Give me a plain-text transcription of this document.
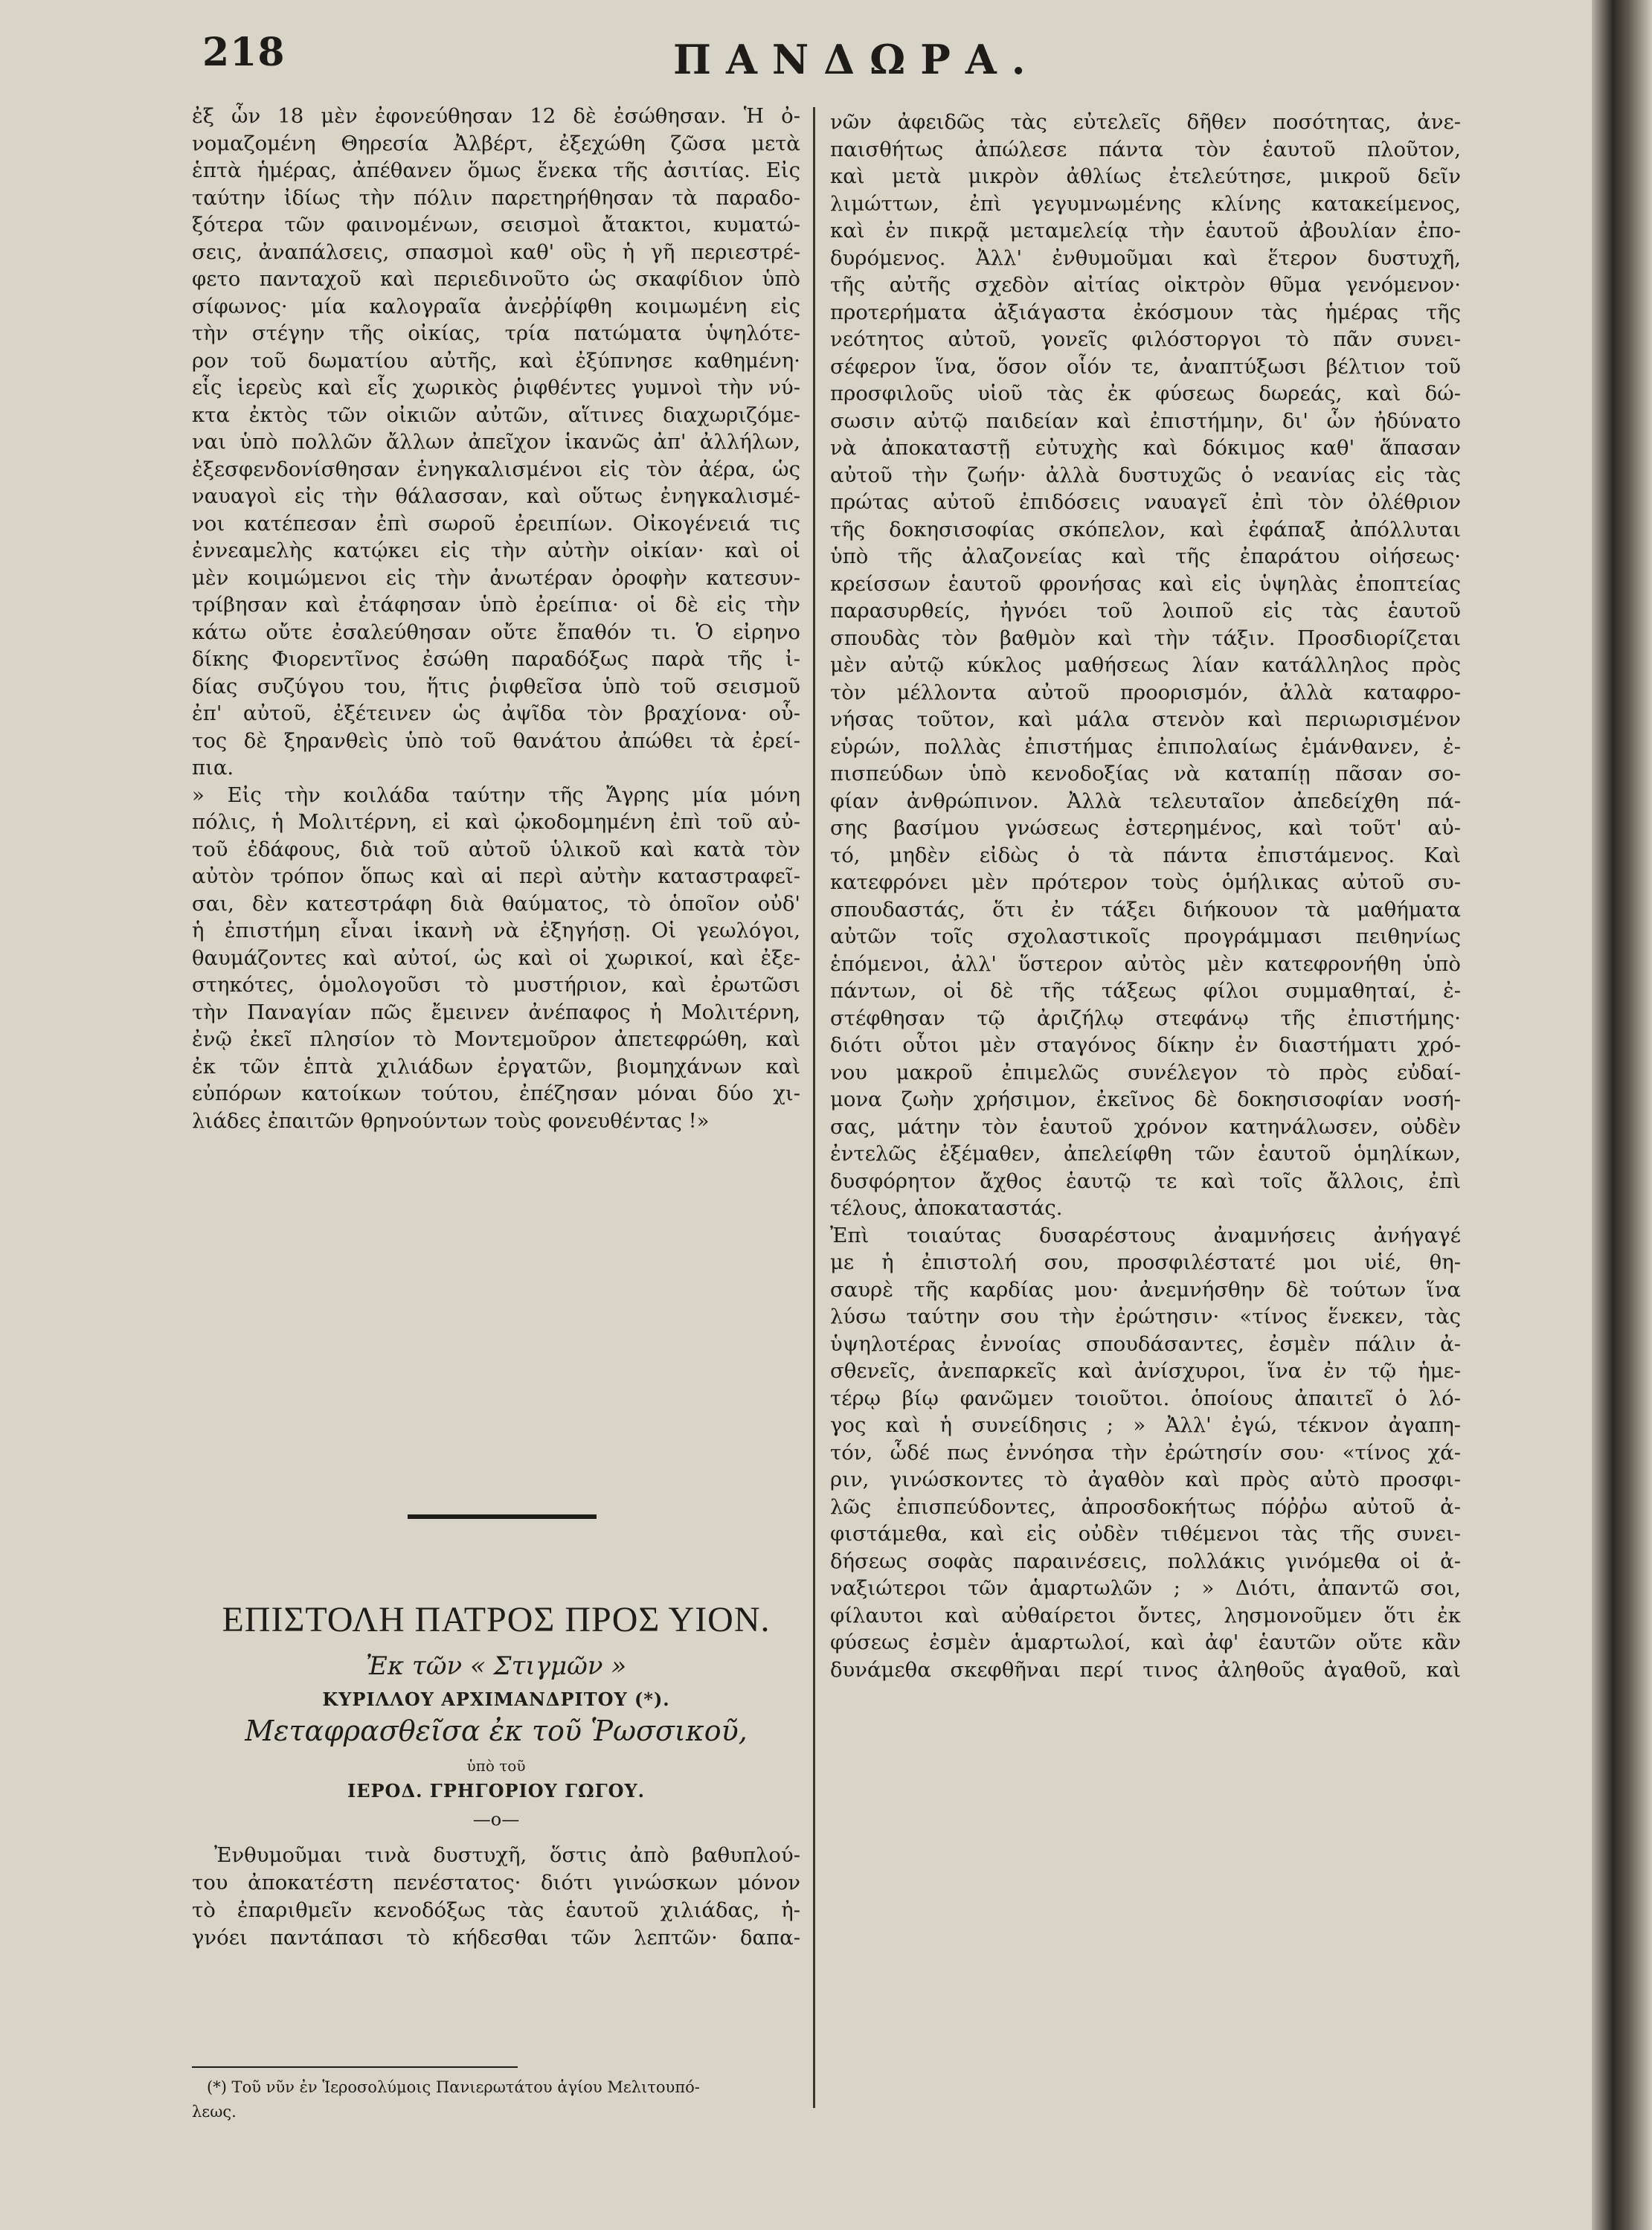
218	ΠΑΝΔΩΡΑ.
ἐξ ὧν 18 μὲν ἐφονεύθησαν 12 δὲ ἐσώθησαν. Ἡ ὀ-
νομαζομένη Θηρεσία Ἀλβέρτ, ἐξεχώθη ζῶσα μετὰ
ἑπτὰ ἡμέρας, ἀπέθανεν ὅμως ἕνεκα τῆς ἀσιτίας. Εἰς
ταύτην ἰδίως τὴν πόλιν παρετηρήθησαν τὰ παραδο-
ξότερα τῶν φαινομένων, σεισμοὶ ἄτακτοι, κυματώ-
σεις, ἀναπάλσεις, σπασμοὶ καθ' οὓς ἡ γῆ περιεστρέ-
φετο πανταχοῦ καὶ περιεδινοῦτο ὡς σκαφίδιον ὑπὸ
σίφωνος· μία καλογραῖα ἀνεῤῥίφθη κοιμωμένη εἰς
τὴν στέγην τῆς οἰκίας, τρία πατώματα ὑψηλότε-
ρον τοῦ δωματίου αὐτῆς, καὶ ἐξύπνησε καθημένη·
εἷς ἱερεὺς καὶ εἷς χωρικὸς ῥιφθέντες γυμνοὶ τὴν νύ-
κτα ἐκτὸς τῶν οἰκιῶν αὐτῶν, αἵτινες διαχωριζόμε-
ναι ὑπὸ πολλῶν ἄλλων ἀπεῖχον ἱκανῶς ἀπ' ἀλλήλων,
ἐξεσφενδονίσθησαν ἐνηγκαλισμένοι εἰς τὸν ἀέρα, ὡς
ναυαγοὶ εἰς τὴν θάλασσαν, καὶ οὕτως ἐνηγκαλισμέ-
νοι κατέπεσαν ἐπὶ σωροῦ ἐρειπίων. Οἰκογένειά τις
ἐννεαμελὴς κατῴκει εἰς τὴν αὐτὴν οἰκίαν· καὶ οἱ
μὲν κοιμώμενοι εἰς τὴν ἀνωτέραν ὀροφὴν κατεσυν-
τρίβησαν καὶ ἐτάφησαν ὑπὸ ἐρείπια· οἱ δὲ εἰς τὴν
κάτω οὔτε ἐσαλεύθησαν οὔτε ἔπαθόν τι. Ὁ εἰρηνο
δίκης Φιορεντῖνος ἐσώθη παραδόξως παρὰ τῆς ἰ-
δίας συζύγου του, ἥτις ῥιφθεῖσα ὑπὸ τοῦ σεισμοῦ
ἐπ' αὐτοῦ, ἐξέτεινεν ὡς ἀψῖδα τὸν βραχίονα· οὗ-
τος δὲ ξηρανθεὶς ὑπὸ τοῦ θανάτου ἀπώθει τὰ ἐρεί-
πια.
» Εἰς τὴν κοιλάδα ταύτην τῆς Ἄγρης μία μόνη
πόλις, ἡ Μολιτέρνη, εἰ καὶ ᾠκοδομημένη ἐπὶ τοῦ αὐ-
τοῦ ἐδάφους, διὰ τοῦ αὐτοῦ ὑλικοῦ καὶ κατὰ τὸν
αὐτὸν τρόπον ὅπως καὶ αἱ περὶ αὐτὴν καταστραφεῖ-
σαι, δὲν κατεστράφη διὰ θαύματος, τὸ ὁποῖον οὐδ'
ἡ ἐπιστήμη εἶναι ἱκανὴ νὰ ἐξηγήσῃ. Οἱ γεωλόγοι,
θαυμάζοντες καὶ αὐτοί, ὡς καὶ οἱ χωρικοί, καὶ ἐξε-
στηκότες, ὁμολογοῦσι τὸ μυστήριον, καὶ ἐρωτῶσι
τὴν Παναγίαν πῶς ἔμεινεν ἀνέπαφος ἡ Μολιτέρνη,
ἐνῷ ἐκεῖ πλησίον τὸ Μοντεμοῦρον ἀπετεφρώθη, καὶ
ἐκ τῶν ἑπτὰ χιλιάδων ἐργατῶν, βιομηχάνων καὶ
εὐπόρων κατοίκων τούτου, ἐπέζησαν μόναι δύο χι-
λιάδες ἐπαιτῶν θρηνούντων τοὺς φονευθέντας !»
νῶν ἀφειδῶς τὰς εὐτελεῖς δῆθεν ποσότητας, ἀνε-
παισθήτως ἀπώλεσε πάντα τὸν ἑαυτοῦ πλοῦτον,
καὶ μετὰ μικρὸν ἀθλίως ἐτελεύτησε, μικροῦ δεῖν
λιμώττων, ἐπὶ γεγυμνωμένης κλίνης κατακείμενος,
καὶ ἐν πικρᾷ μεταμελείᾳ τὴν ἑαυτοῦ ἀβουλίαν ἐπο-
δυρόμενος. Ἀλλ' ἐνθυμοῦμαι καὶ ἕτερον δυστυχῆ,
τῆς αὐτῆς σχεδὸν αἰτίας οἰκτρὸν θῦμα γενόμενον·
προτερήματα ἀξιάγαστα ἐκόσμουν τὰς ἡμέρας τῆς
νεότητος αὐτοῦ, γονεῖς φιλόστοργοι τὸ πᾶν συνει-
σέφερον ἵνα, ὅσον οἷόν τε, ἀναπτύξωσι βέλτιον τοῦ
προσφιλοῦς υἱοῦ τὰς ἐκ φύσεως δωρεάς, καὶ δώ-
σωσιν αὐτῷ παιδείαν καὶ ἐπιστήμην, δι' ὧν ἠδύνατο
νὰ ἀποκαταστῇ εὐτυχὴς καὶ δόκιμος καθ' ἅπασαν
αὐτοῦ τὴν ζωήν· ἀλλὰ δυστυχῶς ὁ νεανίας εἰς τὰς
πρώτας αὐτοῦ ἐπιδόσεις ναυαγεῖ ἐπὶ τὸν ὀλέθριον
τῆς δοκησισοφίας σκόπελον, καὶ ἐφάπαξ ἀπόλλυται
ὑπὸ τῆς ἀλαζονείας καὶ τῆς ἐπαράτου οἰήσεως·
κρείσσων ἑαυτοῦ φρονήσας καὶ εἰς ὑψηλὰς ἐποπτείας
παρασυρθείς, ἠγνόει τοῦ λοιποῦ εἰς τὰς ἑαυτοῦ
σπουδὰς τὸν βαθμὸν καὶ τὴν τάξιν. Προσδιορίζεται
μὲν αὐτῷ κύκλος μαθήσεως λίαν κατάλληλος πρὸς
τὸν μέλλοντα αὐτοῦ προορισμόν, ἀλλὰ καταφρο-
νήσας τοῦτον, καὶ μάλα στενὸν καὶ περιωρισμένον
εὑρών, πολλὰς ἐπιστήμας ἐπιπολαίως ἐμάνθανεν, ἐ-
πισπεύδων ὑπὸ κενοδοξίας νὰ καταπίῃ πᾶσαν σο-
φίαν ἀνθρώπινον. Ἀλλὰ τελευταῖον ἀπεδείχθη πά-
σης βασίμου γνώσεως ἐστερημένος, καὶ τοῦτ' αὐ-
τό, μηδὲν εἰδὼς ὁ τὰ πάντα ἐπιστάμενος. Καὶ
κατεφρόνει μὲν πρότερον τοὺς ὁμήλικας αὐτοῦ συ-
σπουδαστάς, ὅτι ἐν τάξει διήκουον τὰ μαθήματα
αὐτῶν τοῖς σχολαστικοῖς προγράμμασι πειθηνίως
ἑπόμενοι, ἀλλ' ὕστερον αὐτὸς μὲν κατεφρονήθη ὑπὸ
πάντων, οἱ δὲ τῆς τάξεως φίλοι συμμαθηταί, ἐ-
στέφθησαν τῷ ἀριζήλῳ στεφάνῳ τῆς ἐπιστήμης·
διότι οὗτοι μὲν σταγόνος δίκην ἐν διαστήματι χρό-
νου μακροῦ ἐπιμελῶς συνέλεγον τὸ πρὸς εὐδαί-
μονα ζωὴν χρήσιμον, ἐκεῖνος δὲ δοκησισοφίαν νοσή-
σας, μάτην τὸν ἑαυτοῦ χρόνον κατηνάλωσεν, οὐδὲν
ἐντελῶς ἐξέμαθεν, ἀπελείφθη τῶν ἑαυτοῦ ὁμηλίκων,
δυσφόρητον ἄχθος ἑαυτῷ τε καὶ τοῖς ἄλλοις, ἐπὶ
τέλους, ἀποκαταστάς.
Ἐπὶ τοιαύτας δυσαρέστους ἀναμνήσεις ἀνήγαγέ
με ἡ ἐπιστολή σου, προσφιλέστατέ μοι υἱέ, θη-
σαυρὲ τῆς καρδίας μου· ἀνεμνήσθην δὲ τούτων ἵνα
λύσω ταύτην σου τὴν ἐρώτησιν· «τίνος ἕνεκεν, τὰς
ὑψηλοτέρας ἐννοίας σπουδάσαντες, ἐσμὲν πάλιν ἀ-
σθενεῖς, ἀνεπαρκεῖς καὶ ἀνίσχυροι, ἵνα ἐν τῷ ἡμε-
τέρῳ βίῳ φανῶμεν τοιοῦτοι. ὁποίους ἀπαιτεῖ ὁ λό-
γος καὶ ἡ συνείδησις ; » Ἀλλ' ἐγώ, τέκνον ἀγαπη-
τόν, ὧδέ πως ἐννόησα τὴν ἐρώτησίν σου· «τίνος χά-
ριν, γινώσκοντες τὸ ἀγαθὸν καὶ πρὸς αὐτὸ προσφι-
λῶς ἐπισπεύδοντες, ἀπροσδοκήτως πόῤῥω αὐτοῦ ἀ-
φιστάμεθα, καὶ εἰς οὐδὲν τιθέμενοι τὰς τῆς συνει-
δήσεως σοφὰς παραινέσεις, πολλάκις γινόμεθα οἱ ἀ-
ναξιώτεροι τῶν ἁμαρτωλῶν ; » Διότι, ἀπαντῶ σοι,
φίλαυτοι καὶ αὐθαίρετοι ὄντες, λησμονοῦμεν ὅτι ἐκ
φύσεως ἐσμὲν ἁμαρτωλοί, καὶ ἀφ' ἑαυτῶν οὔτε κἂν
δυνάμεθα σκεφθῆναι περί τινος ἀληθοῦς ἀγαθοῦ, καὶ
ΕΠΙΣΤΟΛΗ ΠΑΤΡΟΣ ΠΡΟΣ ΥΙΟΝ.
Ἐκ τῶν « Στιγμῶν »
ΚΥΡΙΛΛΟΥ ΑΡΧΙΜΑΝΔΡΙΤΟΥ (*).
Μεταφρασθεῖσα ἐκ τοῦ Ῥωσσικοῦ,
ὑπὸ τοῦ
ΙΕΡΟΔ. ΓΡΗΓΟΡΙΟΥ ΓΩΓΟΥ.
—ο—
Ἐνθυμοῦμαι τινὰ δυστυχῆ, ὅστις ἀπὸ βαθυπλού-
του ἀποκατέστη πενέστατος· διότι γινώσκων μόνον
τὸ ἐπαριθμεῖν κενοδόξως τὰς ἑαυτοῦ χιλιάδας, ἠ-
γνόει παντάπασι τὸ κήδεσθαι τῶν λεπτῶν· δαπα-
(*) Τοῦ νῦν ἐν Ἱεροσολύμοις Πανιερωτάτου ἁγίου Μελιτουπό-
λεως.
